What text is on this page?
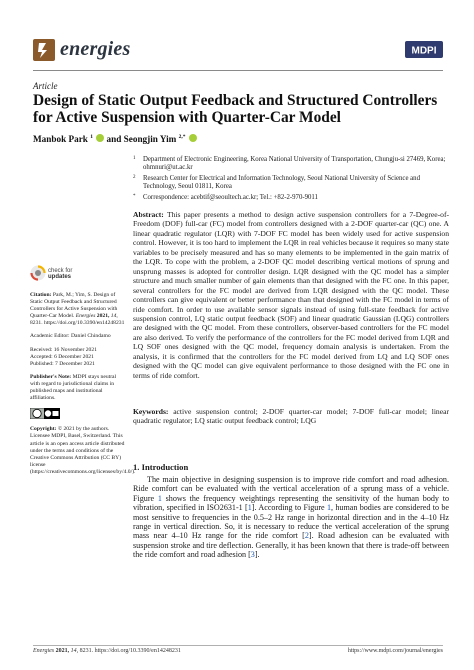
energies	MDPI
Article
Design of Static Output Feedback and Structured Controllers for Active Suspension with Quarter-Car Model
Manbok Park $^1$  and Seongjin Yim $^{2,*}$
1 Department of Electronic Engineering, Korea National University of Transportation, Chungju-si 27469, Korea; ohmnuri@ut.ac.kr
2 Research Center for Electrical and Information Technology, Seoul National University of Science and Technology, Seoul 01811, Korea
* Correspondence: acebtif@seoultech.ac.kr; Tel.: +82-2-970-9011
Abstract: This paper presents a method to design active suspension controllers for a 7-Degree-of-Freedom (DOF) full-car (FC) model from controllers designed with a 2-DOF quarter-car (QC) one. A linear quadratic regulator (LQR) with 7-DOF FC model has been widely used for active suspension control. However, it is too hard to implement the LQR in real vehicles because it requires so many state variables to be precisely measured and has so many elements to be implemented in the gain matrix of the LQR. To cope with the problem, a 2-DOF QC model describing vertical motions of sprung and unsprung masses is adopted for controller design. LQR designed with the QC model has a simpler structure and much smaller number of gain elements than that designed with the FC one. In this paper, several controllers for the FC model are derived from LQR designed with the QC model. These controllers can give equivalent or better performance than that designed with the FC model in terms of ride comfort. In order to use available sensor signals instead of using full-state feedback for active suspension control, LQ static output feedback (SOF) and linear quadratic Gaussian (LQG) controllers are designed with the QC model. From these controllers, observer-based controllers for the FC model are also derived. To verify the performance of the controllers for the FC model derived from LQR and LQ SOF ones designed with the QC model, frequency domain analysis is undertaken. From the analysis, it is confirmed that the controllers for the FC model derived from LQ and LQ SOF ones designed with the QC model can give equivalent performance to those designed with the FC one in terms of ride comfort.
Keywords: active suspension control; 2-DOF quarter-car model; 7-DOF full-car model; linear quadratic regulator; LQ static output feedback control; LQG
check for
updates
Citation: Park, M.; Yim, S. Design of Static Output Feedback and Structured Controllers for Active Suspension with Quarter-Car Model. Energies 2021, 14, 8231. https://doi.org/10.3390/en14248231
Academic Editor: Daniel Chindamo
Received: 16 November 2021
Accepted: 6 December 2021
Published: 7 December 2021
Publisher's Note: MDPI stays neutral with regard to jurisdictional claims in published maps and institutional affiliations.
Copyright: © 2021 by the authors. Licensee MDPI, Basel, Switzerland. This article is an open access article distributed under the terms and conditions of the Creative Commons Attribution (CC BY) license (https://creativecommons.org/licenses/by/4.0/).
1. Introduction

The main objective in designing suspension is to improve ride comfort and road adhesion. Ride comfort can be evaluated with the vertical acceleration of a sprung mass of a vehicle. Figure 1 shows the frequency weightings representing the sensitivity of the human body to vibration, specified in ISO2631-1 [1]. According to Figure 1, human bodies are considered to be most sensitive to frequencies in the 0.5–2 Hz range in horizontal direction and in the 4–10 Hz range in vertical direction. So, it is necessary to reduce the vertical acceleration of the sprung mass near 4–10 Hz range for the ride comfort [2]. Road adhesion can be evaluated with suspension stroke and tire deflection. Generally, it has been known that there is trade-off between the ride comfort and road adhesion [3].

Energies 2021, 14, 8231. https://doi.org/10.3390/en14248231	https://www.mdpi.com/journal/energies
